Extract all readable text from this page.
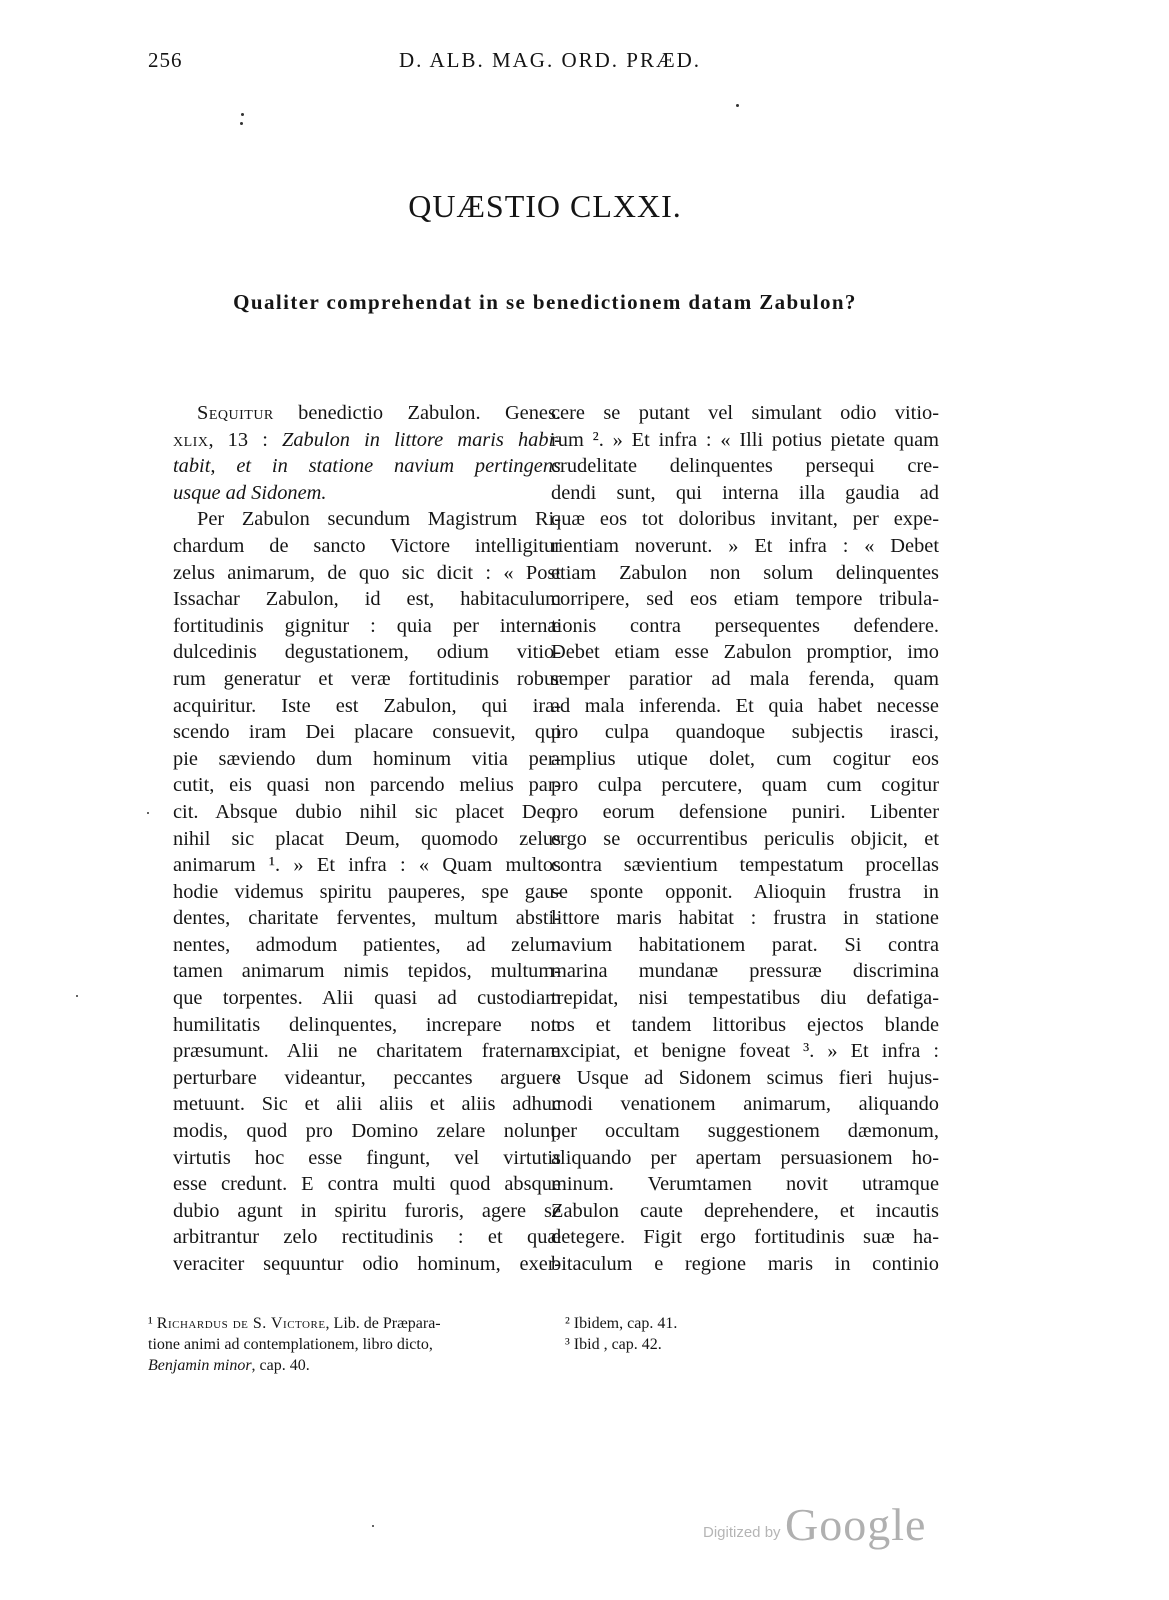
256	D. ALB. MAG. ORD. PRÆD.
QUÆSTIO CLXXI.
Qualiter comprehendat in se benedictionem datam Zabulon?
Sequitur benedictio Zabulon. Genes.
xlix, 13 : Zabulon in littore maris habi-
tabit, et in statione navium pertingens
usque ad Sidonem.
Per Zabulon secundum Magistrum Ri-
chardum de sancto Victore intelligitur
zelus animarum, de quo sic dicit : « Post
Issachar Zabulon, id est, habitaculum
fortitudinis gignitur : quia per internæ
dulcedinis degustationem, odium vitio-
rum generatur et veræ fortitudinis robur
acquiritur. Iste est Zabulon, qui ira-
scendo iram Dei placare consuevit, qui
pie sæviendo dum hominum vitia per-
cutit, eis quasi non parcendo melius par-
cit. Absque dubio nihil sic placet Deo,
nihil sic placat Deum, quomodo zelus
animarum ¹. » Et infra : « Quam multos
hodie videmus spiritu pauperes, spe gau-
dentes, charitate ferventes, multum absti-
nentes, admodum patientes, ad zelum
tamen animarum nimis tepidos, multum-
que torpentes. Alii quasi ad custodiam
humilitatis delinquentes, increpare non
præsumunt. Alii ne charitatem fraternam
perturbare videantur, peccantes arguere
metuunt. Sic et alii aliis et aliis adhuc
modis, quod pro Domino zelare nolunt,
virtutis hoc esse fingunt, vel virtutis
esse credunt. E contra multi quod absque
dubio agunt in spiritu furoris, agere se
arbitrantur zelo rectitudinis : et quæ
veraciter sequuntur odio hominum, exer-
cere se putant vel simulant odio vitio-
rum ². » Et infra : « Illi potius pietate quam
crudelitate delinquentes persequi cre-
dendi sunt, qui interna illa gaudia ad
quæ eos tot doloribus invitant, per expe-
rientiam noverunt. » Et infra : « Debet
etiam Zabulon non solum delinquentes
corripere, sed eos etiam tempore tribula-
tionis contra persequentes defendere.
Debet etiam esse Zabulon promptior, imo
semper paratior ad mala ferenda, quam
ad mala inferenda. Et quia habet necesse
pro culpa quandoque subjectis irasci,
amplius utique dolet, cum cogitur eos
pro culpa percutere, quam cum cogitur
pro eorum defensione puniri. Libenter
ergo se occurrentibus periculis objicit, et
contra sævientium tempestatum procellas
se sponte opponit. Alioquin frustra in
littore maris habitat : frustra in statione
navium habitationem parat. Si contra
marina mundanæ pressuræ discrimina
trepidat, nisi tempestatibus diu defatiga-
tos et tandem littoribus ejectos blande
excipiat, et benigne foveat ³. » Et infra :
« Usque ad Sidonem scimus fieri hujus-
modi venationem animarum, aliquando
per occultam suggestionem dæmonum,
aliquando per apertam persuasionem ho-
minum. Verumtamen novit utramque
Zabulon caute deprehendere, et incautis
detegere. Figit ergo fortitudinis suæ ha-
bitaculum e regione maris in continio
¹ Richardus de S. Victore, Lib. de Præpara-
tione animi ad contemplationem, libro dicto,
Benjamin minor, cap. 40.
² Ibidem, cap. 41.
³ Ibid , cap. 42.
Digitized by Google
